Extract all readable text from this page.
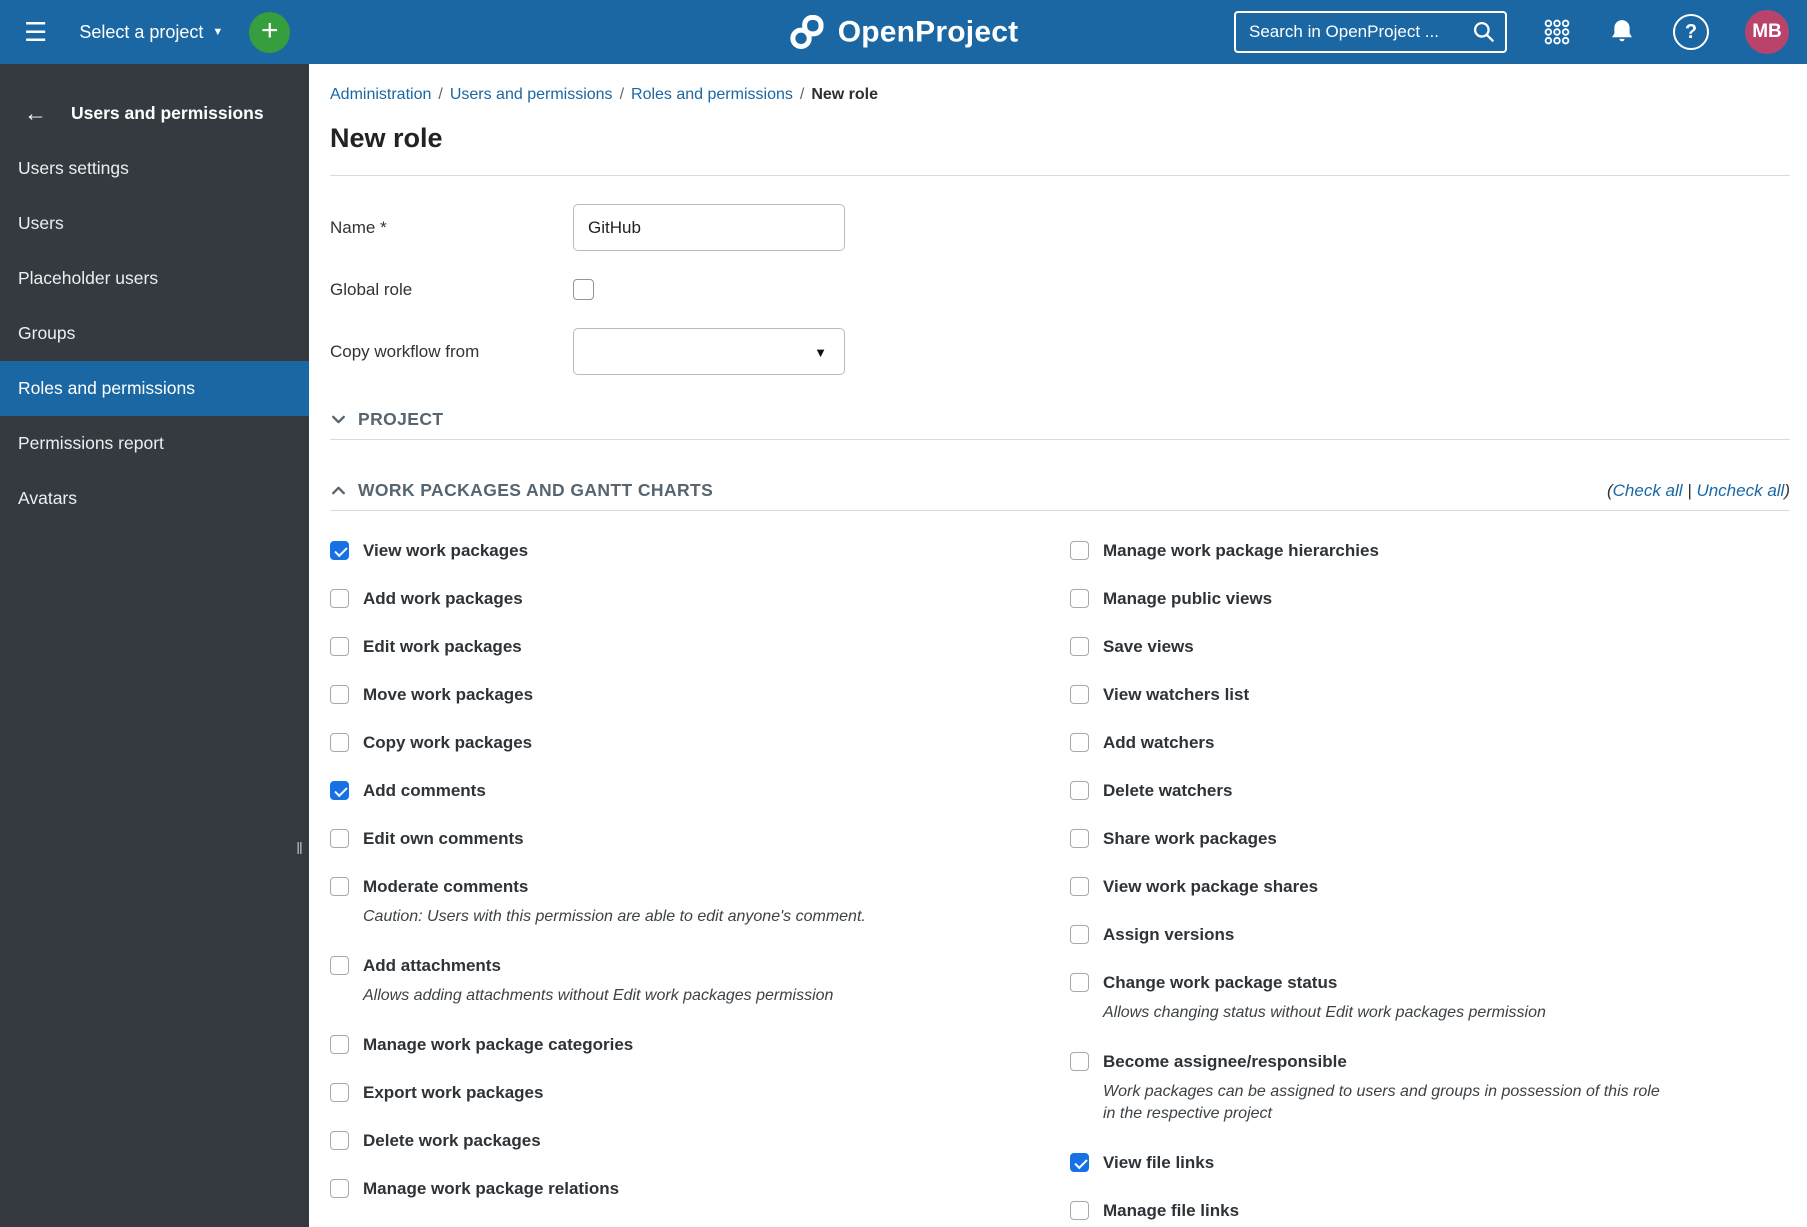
☰	Select a project ▼ +	OpenProject
Search in OpenProject ...	?	MB
← Users and permissions
Users settings
Users
Placeholder users
Groups
Roles and permissions
Permissions report
Avatars
‖
Administration / Users and permissions / Roles and permissions / New role
New role
Name *
GitHub
Global role
Copy workflow from	▼
PROJECT
WORK PACKAGES AND GANTT CHARTS	(Check all | Uncheck all)
View work packages
Add work packages
Edit work packages
Move work packages
Copy work packages
Add comments
Edit own comments
Moderate comments
Caution: Users with this permission are able to edit anyone's comment.
Add attachments
Allows adding attachments without Edit work packages permission
Manage work package categories
Export work packages
Delete work packages
Manage work package relations
Manage work package hierarchies
Manage public views
Save views
View watchers list
Add watchers
Delete watchers
Share work packages
View work package shares
Assign versions
Change work package status
Allows changing status without Edit work packages permission
Become assignee/responsible
Work packages can be assigned to users and groups in possession of this role in the respective project
View file links
Manage file links
